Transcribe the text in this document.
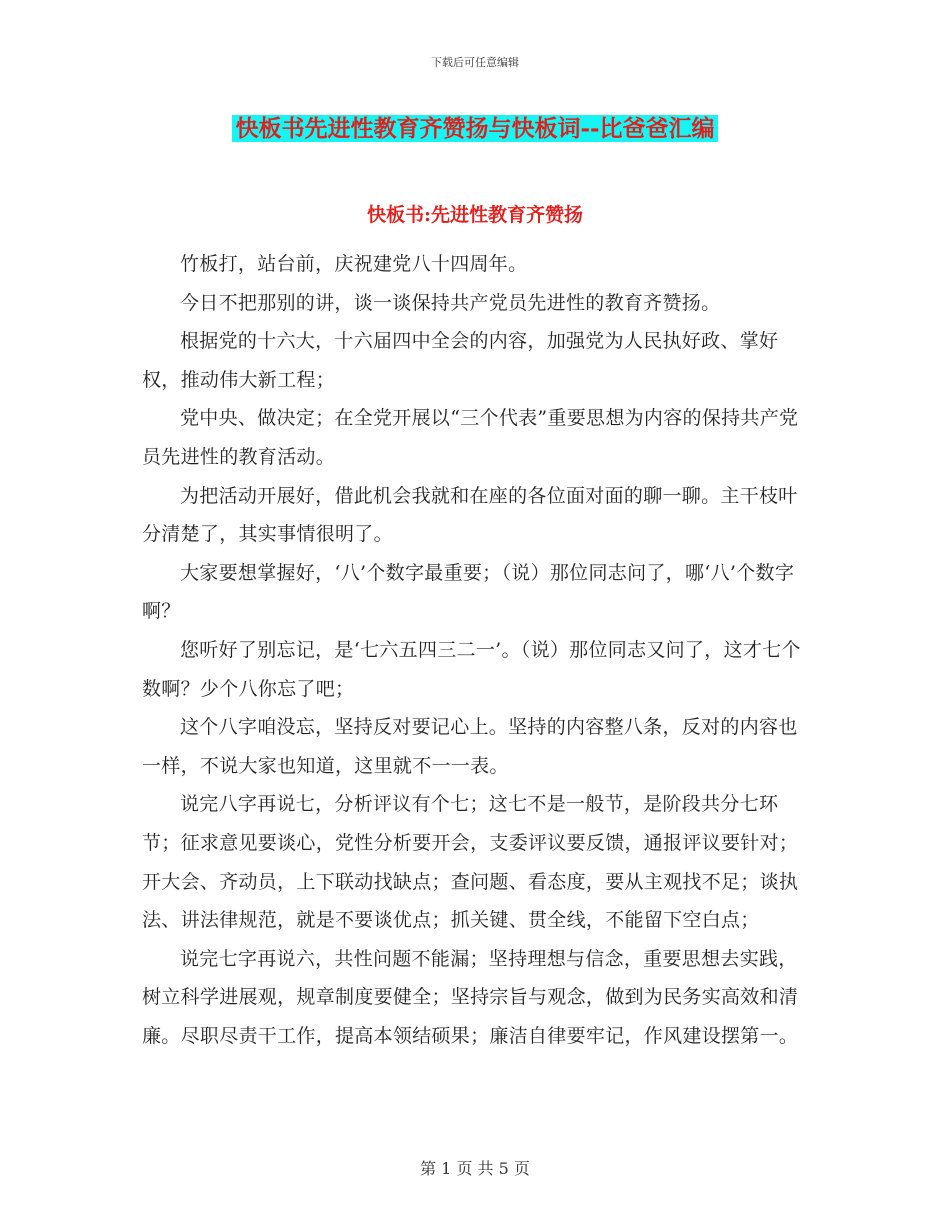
下载后可任意编辑
快板书先进性教育齐赞扬与快板词--比爸爸汇编
快板书:先进性教育齐赞扬

竹板打，站台前，庆祝建党八十四周年。

今日不把那别的讲，谈一谈保持共产党员先进性的教育齐赞扬。

根据党的十六大，十六届四中全会的内容，加强党为人民执好政、掌好权，推动伟大新工程；

党中央、做决定；在全党开展以“三个代表”重要思想为内容的保持共产党员先进性的教育活动。

为把活动开展好，借此机会我就和在座的各位面对面的聊一聊。主干枝叶分清楚了，其实事情很明了。

大家要想掌握好，‘八’个数字最重要；（说）那位同志问了，哪‘八’个数字啊？

您听好了别忘记，是‘七六五四三二一’。（说）那位同志又问了，这才七个数啊？少个八你忘了吧；

这个八字咱没忘，坚持反对要记心上。坚持的内容整八条，反对的内容也一样，不说大家也知道，这里就不一一表。

说完八字再说七，分析评议有个七；这七不是一般节，是阶段共分七环节；征求意见要谈心，党性分析要开会，支委评议要反馈，通报评议要针对；开大会、齐动员，上下联动找缺点；查问题、看态度，要从主观找不足；谈执法、讲法律规范，就是不要谈优点；抓关键、贯全线，不能留下空白点；

说完七字再说六，共性问题不能漏；坚持理想与信念，重要思想去实践，树立科学进展观，规章制度要健全；坚持宗旨与观念，做到为民务实高效和清廉。尽职尽责干工作，提高本领结硕果；廉洁自律要牢记，作风建设摆第一。

第 1 页 共 5 页
